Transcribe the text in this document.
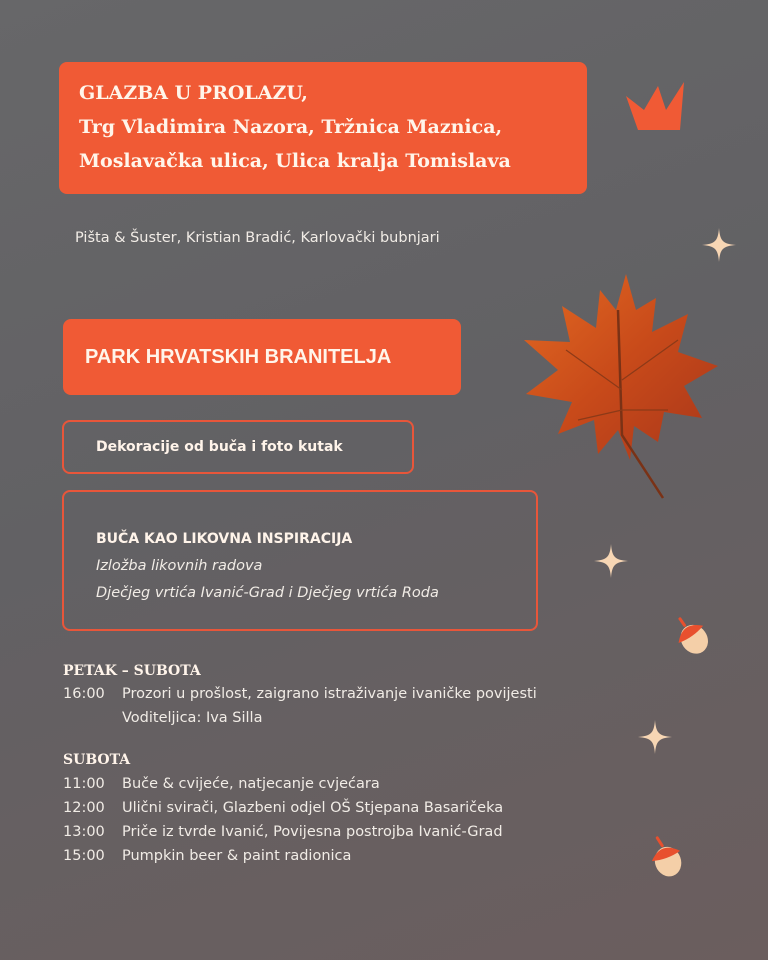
GLAZBA U PROLAZU,
Trg Vladimira Nazora, Tržnica Maznica,
Moslavačka ulica, Ulica kralja Tomislava
Pišta & Šuster, Kristian Bradić, Karlovački bubnjari
PARK HRVATSKIH BRANITELJA
Dekoracije od buča i foto kutak
BUČA KAO LIKOVNA INSPIRACIJA
Izložba likovnih radova
Dječjeg vrtića Ivanić-Grad i Dječjeg vrtića Roda
PETAK – SUBOTA
16:00 Prozori u prošlost, zaigrano istraživanje ivaničke povijesti
Voditeljica: Iva Silla
SUBOTA
11:00 Buče & cvijeće, natjecanje cvjećara
12:00 Ulični svirači, Glazbeni odjel OŠ Stjepana Basaričeka
13:00 Priče iz tvrde Ivanić, Povijesna postrojba Ivanić-Grad
15:00 Pumpkin beer & paint radionica
